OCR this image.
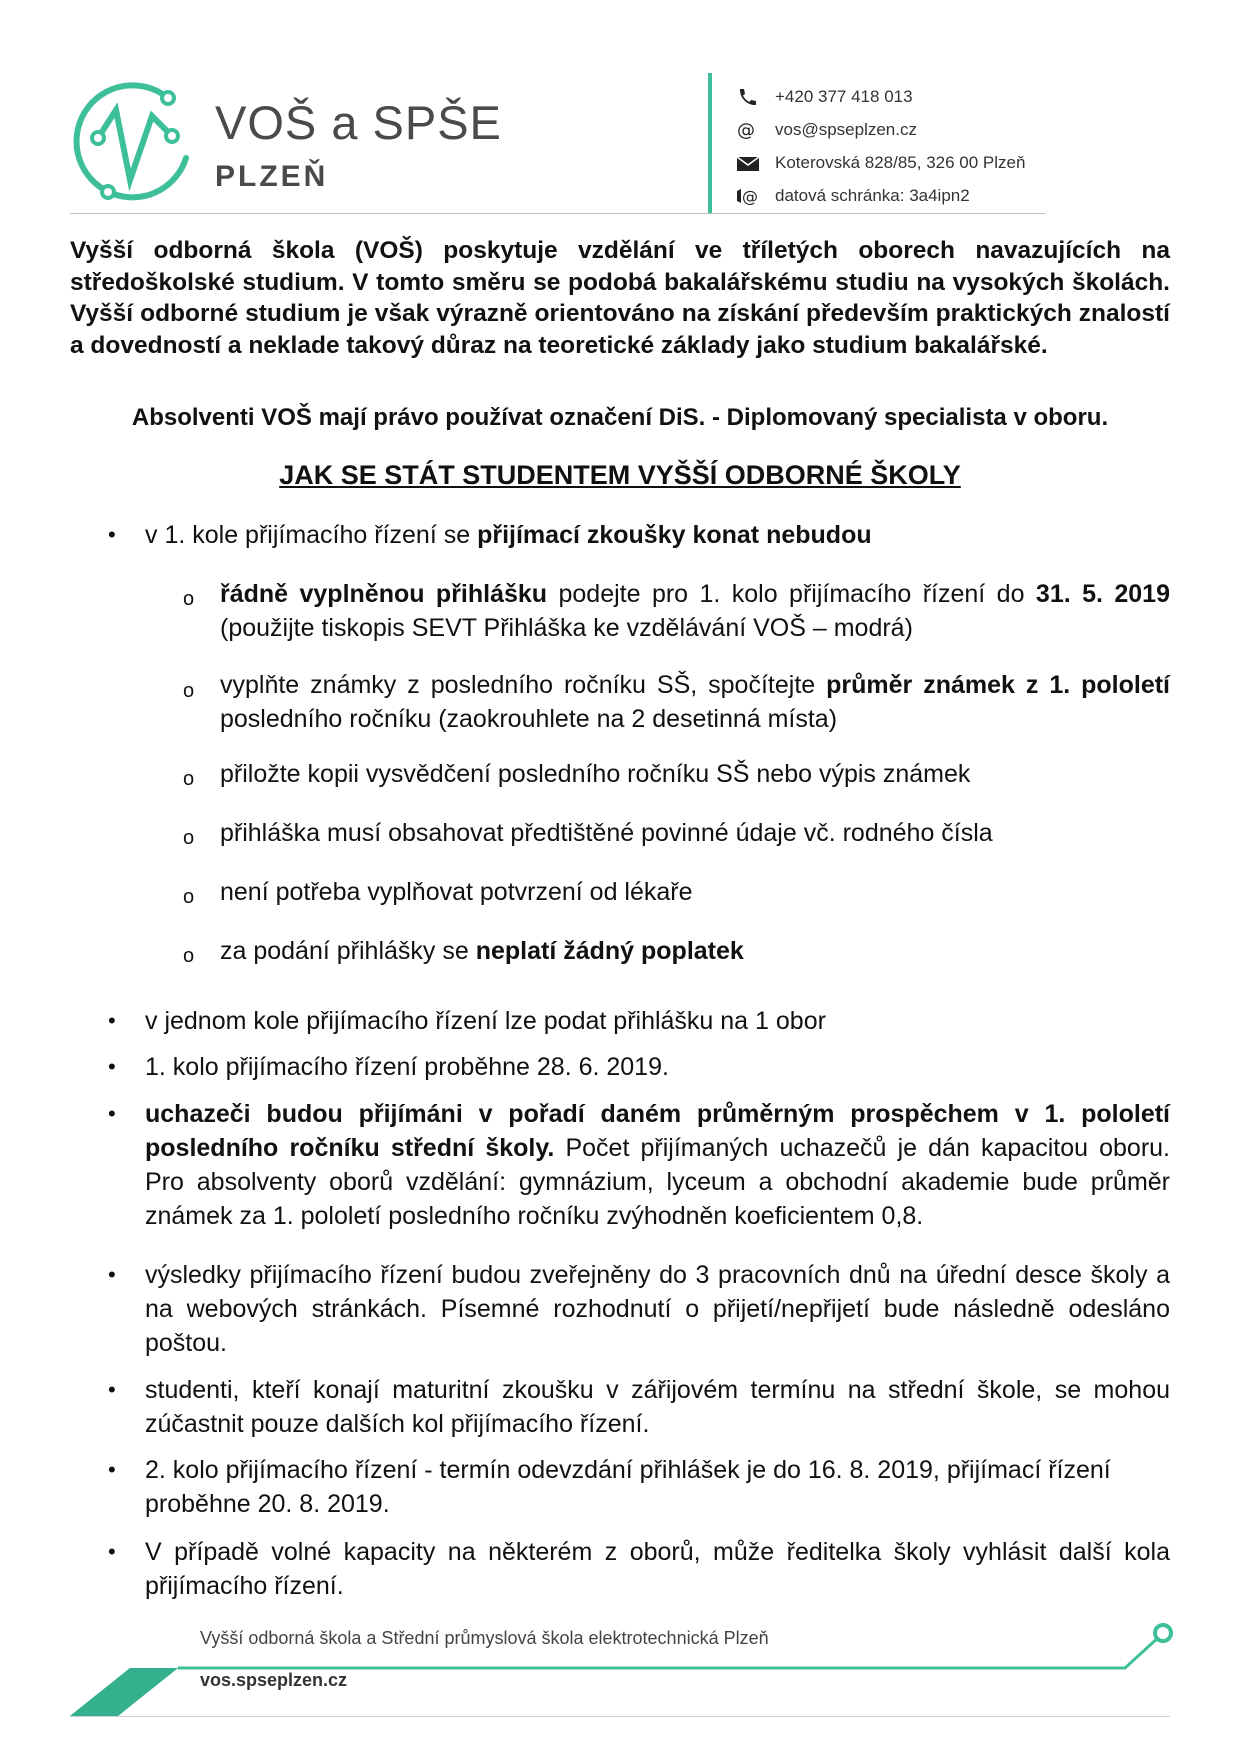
VOŠ a SPŠE
PLZEŇ
+420 377 418 013
@ vos@spseplzen.cz
Koterovská 828/85, 326 00 Plzeň
@ datová schránka: 3a4ipn2
Vyšší odborná škola (VOŠ) poskytuje vzdělání ve tříletých oborech navazujících na středoškolské studium. V tomto směru se podobá bakalářskému studiu na vysokých školách. Vyšší odborné studium je však výrazně orientováno na získání především praktických znalostí a dovedností a neklade takový důraz na teoretické základy jako studium bakalářské.
Absolventi VOŠ mají právo používat označení DiS. - Diplomovaný specialista v oboru.
JAK SE STÁT STUDENTEM VYŠŠÍ ODBORNÉ ŠKOLY
• v 1. kole přijímacího řízení se přijímací zkoušky konat nebudou
o řádně vyplněnou přihlášku podejte pro 1. kolo přijímacího řízení do 31. 5. 2019 (použijte tiskopis SEVT Přihláška ke vzdělávání VOŠ – modrá)
o vyplňte známky z posledního ročníku SŠ, spočítejte průměr známek z 1. pololetí posledního ročníku (zaokrouhlete na 2 desetinná místa)
o přiložte kopii vysvědčení posledního ročníku SŠ nebo výpis známek
o přihláška musí obsahovat předtištěné povinné údaje vč. rodného čísla
o není potřeba vyplňovat potvrzení od lékaře
o za podání přihlášky se neplatí žádný poplatek
• v jednom kole přijímacího řízení lze podat přihlášku na 1 obor
• 1. kolo přijímacího řízení proběhne 28. 6. 2019.
• uchazeči budou přijímáni v pořadí daném průměrným prospěchem v 1. pololetí posledního ročníku střední školy. Počet přijímaných uchazečů je dán kapacitou oboru. Pro absolventy oborů vzdělání: gymnázium, lyceum a obchodní akademie bude průměr známek za 1. pololetí posledního ročníku zvýhodněn koeficientem 0,8.
• výsledky přijímacího řízení budou zveřejněny do 3 pracovních dnů na úřední desce školy a na webových stránkách. Písemné rozhodnutí o přijetí/nepřijetí bude následně odesláno poštou.
• studenti, kteří konají maturitní zkoušku v zářijovém termínu na střední škole, se mohou zúčastnit pouze dalších kol přijímacího řízení.
• 2. kolo přijímacího řízení - termín odevzdání přihlášek je do 16. 8. 2019, přijímací řízení proběhne 20. 8. 2019.
• V případě volné kapacity na některém z oborů, může ředitelka školy vyhlásit další kola přijímacího řízení.
Vyšší odborná škola a Střední průmyslová škola elektrotechnická Plzeň
vos.spseplzen.cz
